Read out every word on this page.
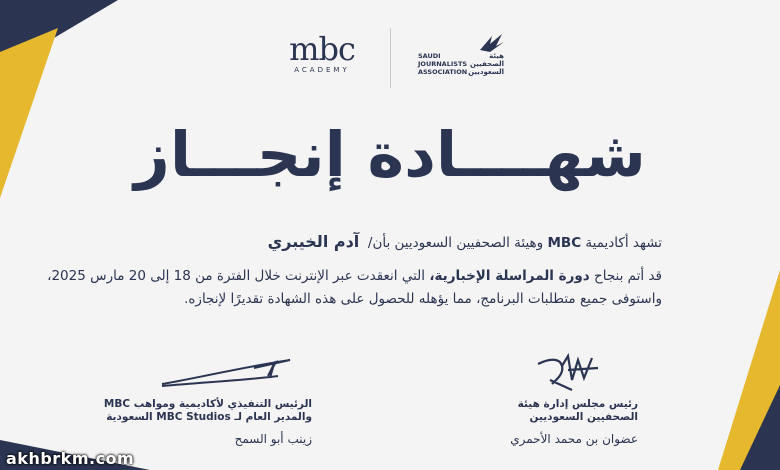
mbc
ACADEMY
SAUDI
JOURNALISTS
ASSOCIATION
هيئة
الصحفيين
السعوديين
شهــــادة إنجـــاز
تشهد أكاديمية MBC وهيئة الصحفيين السعوديين بأن/  آدم الخيبري
قد أتم بنجاح دورة المراسلة الإخبارية، التي انعقدت عبر الإنترنت خلال الفترة من 18 إلى 20 مارس 2025،
واستوفى جميع متطلبات البرنامج، مما يؤهله للحصول على هذه الشهادة تقديرًا لإنجازه.
الرئيس التنفيذي لأكاديمية ومواهب MBC
والمدير العام لـ MBC Studios السعودية
زينب أبو السمح
رئيس مجلس إدارة هيئة
الصحفيين السعوديين
عضوان بن محمد الأحمري
akhbrkm.com
